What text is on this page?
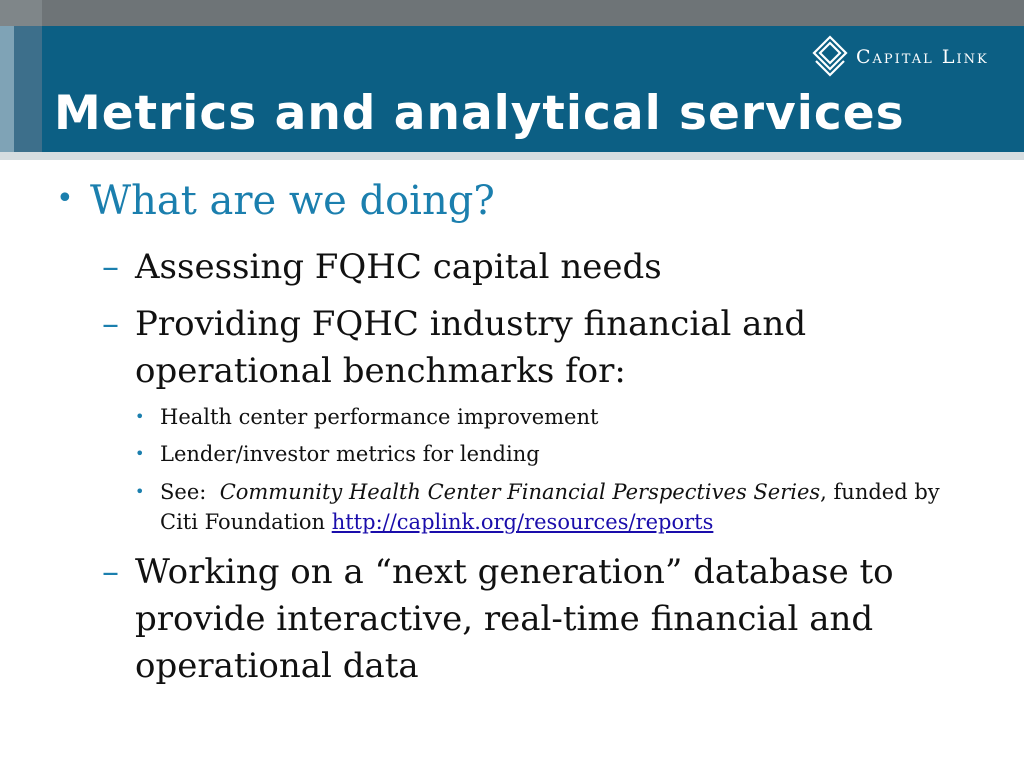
Metrics and analytical services
Capital Link
• What are we doing?
– Assessing FQHC capital needs
– Providing FQHC industry financial and operational benchmarks for:
• Health center performance improvement
• Lender/investor metrics for lending
• See: Community Health Center Financial Perspectives Series, funded by Citi Foundation http://caplink.org/resources/reports
– Working on a “next generation” database to provide interactive, real-time financial and operational data
